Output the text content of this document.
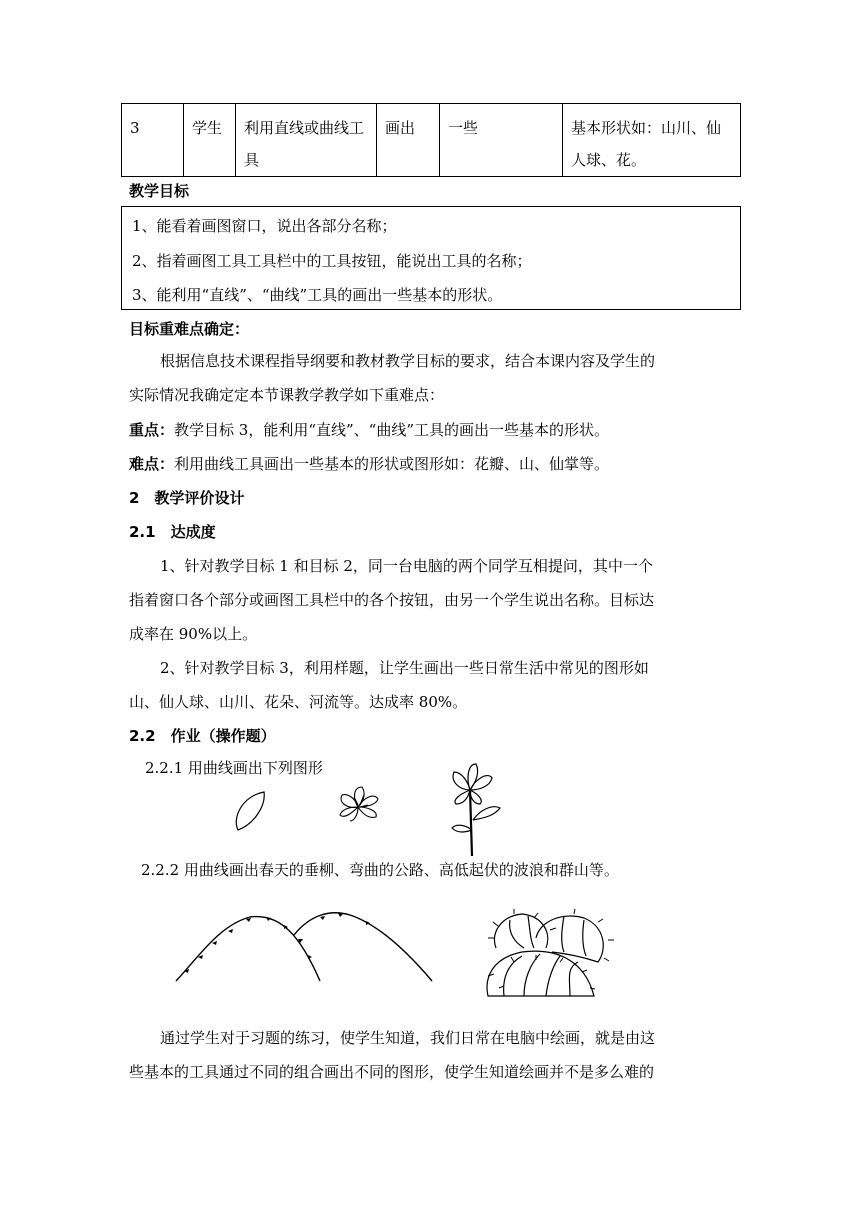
3	学生	利用直线或曲线工具	画出	一些	基本形状如：山川、仙人球、花。
教学目标
1、能看着画图窗口，说出各部分名称；
2、指着画图工具工具栏中的工具按钮，能说出工具的名称；
3、能利用“直线”、“曲线”工具的画出一些基本的形状。
目标重难点确定：
根据信息技术课程指导纲要和教材教学目标的要求，结合本课内容及学生的
实际情况我确定定本节课教学教学如下重难点：
重点：教学目标 3，能利用“直线”、“曲线”工具的画出一些基本的形状。
难点：利用曲线工具画出一些基本的形状或图形如：花瓣、山、仙掌等。
2　教学评价设计
2.1　达成度
1、针对教学目标 1 和目标 2，同一台电脑的两个同学互相提问，其中一个
指着窗口各个部分或画图工具栏中的各个按钮，由另一个学生说出名称。目标达
成率在 90%以上。
2、针对教学目标 3，利用样题，让学生画出一些日常生活中常见的图形如
山、仙人球、山川、花朵、河流等。达成率 80%。
2.2　作业（操作题）
2.2.1 用曲线画出下列图形
2.2.2 用曲线画出春天的垂柳、弯曲的公路、高低起伏的波浪和群山等。
通过学生对于习题的练习，使学生知道，我们日常在电脑中绘画，就是由这
些基本的工具通过不同的组合画出不同的图形，使学生知道绘画并不是多么难的
